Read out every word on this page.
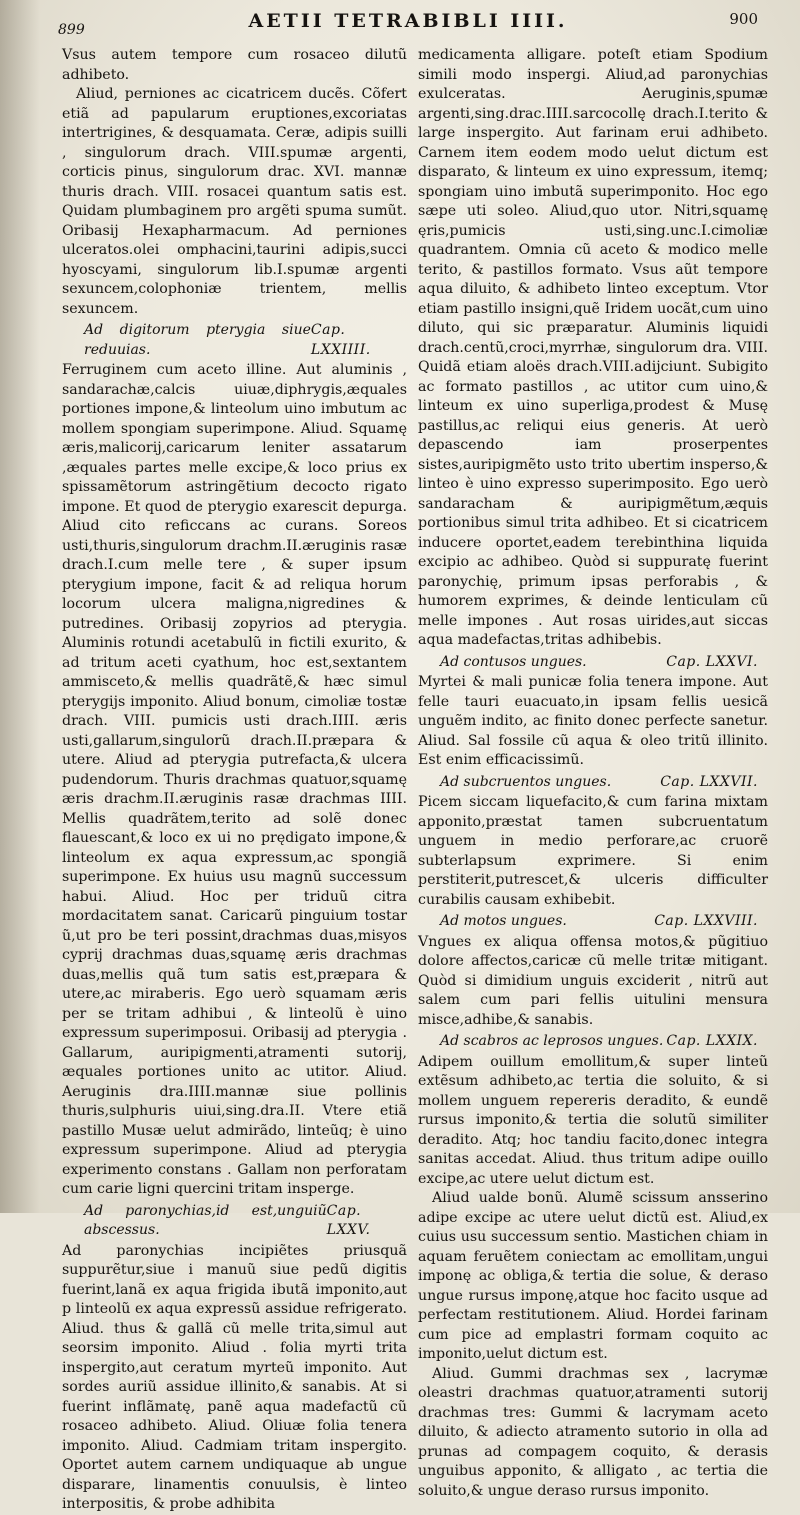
899	AETII TETRABIBLI IIII.	900

Vsus autem tempore cum rosaceo dilutũ adhibeto.

Aliud, perniones ac cicatricem ducẽs. Cõfert etiã ad papularum eruptiones,excoriatas intertrigines, & desquamata. Ceræ, adipis suilli , singulorum drach. VIII.spumæ argenti, corticis pinus, singulorum drac. XVI. mannæ thuris drach. VIII. rosacei quantum satis est. Quidam plumbaginem pro argẽti spuma sumũt. Oribasij Hexapharmacum. Ad perniones ulceratos.olei omphacini,taurini adipis,succi hyoscyami, singulorum lib.I.spumæ argenti sexuncem,colophoniæ trientem, mellis sexuncem.

Ad digitorum pterygia siue reduuias.
Cap. LXXIIII.

Ferruginem cum aceto illine. Aut aluminis , sandarachæ,calcis uiuæ,diphrygis,æquales portiones impone,& linteolum uino imbutum ac mollem spongiam superimpone. Aliud. Squamę æris,malicorij,caricarum leniter assatarum ,æquales partes melle excipe,& loco prius ex spissamẽtorum astringẽtium decocto rigato impone. Et quod de pterygio exarescit depurga. Aliud cito reficcans ac curans. Soreos usti,thuris,singulorum drachm.II.æruginis rasæ drach.I.cum melle tere , & super ipsum pterygium impone, facit & ad reliqua horum locorum ulcera maligna,nigredines & putredines. Oribasij zopyrios ad pterygia. Aluminis rotundi acetabulũ in fictili exurito, & ad tritum aceti cyathum, hoc est,sextantem ammisceto,& mellis quadrãtẽ,& hæc simul pterygijs imponito. Aliud bonum, cimoliæ tostæ drach. VIII. pumicis usti drach.IIII. æris usti,gallarum,singulorũ drach.II.præpara & utere. Aliud ad pterygia putrefacta,& ulcera pudendorum. Thuris drachmas quatuor,squamę æris drachm.II.æruginis rasæ drachmas IIII. Mellis quadrãtem,terito ad solẽ donec flauescant,& loco ex ui no prędigato impone,& linteolum ex aqua expressum,ac spongiã superimpone. Ex huius usu magnũ successum habui. Aliud. Hoc per triduũ citra mordacitatem sanat. Caricarũ pinguium tostar ũ,ut pro be teri possint,drachmas duas,misyos cyprij drachmas duas,squamę æris drachmas duas,mellis quã tum satis est,præpara & utere,ac miraberis. Ego uerò squamam æris per se tritam adhibui , & linteolũ è uino expressum superimposui. Oribasij ad pterygia . Gallarum, auripigmenti,atramenti sutorij, æquales portiones unito ac utitor. Aliud. Aeruginis dra.IIII.mannæ siue pollinis thuris,sulphuris uiui,sing.dra.II. Vtere etiã pastillo Musæ uelut admirãdo, linteũq; è uino expressum superimpone. Aliud ad pterygia experimento constans . Gallam non perforatam cum carie ligni quercini tritam insperge.

Ad paronychias,id est,unguiũ abscessus.
Cap. LXXV.

Ad paronychias incipiẽtes priusquã suppurẽtur,siue i manuũ siue pedũ digitis fuerint,lanã ex aqua frigida ibutã imponito,aut p linteolũ ex aqua expressũ assidue refrigerato. Aliud. thus & gallã cũ melle trita,simul aut seorsim imponito. Aliud . folia myrti trita inspergito,aut ceratum myrteũ imponito. Aut sordes auriũ assidue illinito,& sanabis. At si fuerint inflãmatę, panẽ aqua madefactũ cũ rosaceo adhibeto. Aliud. Oliuæ folia tenera imponito. Aliud. Cadmiam tritam inspergito. Oportet autem carnem undiquaque ab ungue disparare, linamentis conuulsis, è linteo interpositis, & probe adhibita

medicamenta alligare. poteſt etiam Spodium simili modo inspergi. Aliud,ad paronychias exulceratas. Aeruginis,spumæ argenti,sing.drac.IIII.sarcocollę drach.I.terito & large inspergito. Aut farinam erui adhibeto. Carnem item eodem modo uelut dictum est disparato, & linteum ex uino expressum, itemq; spongiam uino imbutã superimponito. Hoc ego sæpe uti soleo. Aliud,quo utor. Nitri,squamę ęris,pumicis usti,sing.unc.I.cimoliæ quadrantem. Omnia cũ aceto & modico melle terito, & pastillos formato. Vsus aũt tempore aqua diluito, & adhibeto linteo exceptum. Vtor etiam pastillo insigni,quẽ Iridem uocãt,cum uino diluto, qui sic præparatur. Aluminis liquidi drach.centũ,croci,myrrhæ, singulorum dra. VIII. Quidã etiam aloës drach.VIII.adijciunt. Subigito ac formato pastillos , ac utitor cum uino,& linteum ex uino superliga,prodest & Musę pastillus,ac reliqui eius generis. At uerò depascendo iam proserpentes sistes,auripigmẽto usto trito ubertim insperso,& linteo è uino expresso superimposito. Ego uerò sandaracham & auripigmẽtum,æquis portionibus simul trita adhibeo. Et si cicatricem inducere oportet,eadem terebinthina liquida excipio ac adhibeo. Quòd si suppuratę fuerint paronychię, primum ipsas perforabis , & humorem exprimes, & deinde lenticulam cũ melle impones . Aut rosas uirides,aut siccas aqua madefactas,tritas adhibebis.

Ad contusos ungues.	Cap. LXXVI.

Myrtei & mali punicæ folia tenera impone. Aut felle tauri euacuato,in ipsam fellis uesicã unguẽm indito, ac finito donec perfecte sanetur. Aliud. Sal fossile cũ aqua & oleo tritũ illinito. Est enim efficacissimũ.

Ad subcruentos ungues.	Cap. LXXVII.

Picem siccam liquefacito,& cum farina mixtam apponito,præstat tamen subcruentatum unguem in medio perforare,ac cruorẽ subterlapsum exprimere. Si enim perstiterit,putrescet,& ulceris difficulter curabilis causam exhibebit.

Ad motos ungues.	Cap. LXXVIII.

Vngues ex aliqua offensa motos,& pũgitiuo dolore affectos,caricæ cũ melle tritæ mitigant. Quòd si dimidium unguis exciderit , nitrũ aut salem cum pari fellis uitulini mensura misce,adhibe,& sanabis.

Ad scabros ac leprosos ungues. Cap. LXXIX.

Adipem ouillum emollitum,& super linteũ extẽsum adhibeto,ac tertia die soluito, & si mollem unguem repereris deradito, & eundẽ rursus imponito,& tertia die solutũ similiter deradito. Atq; hoc tandiu facito,donec integra sanitas accedat. Aliud. thus tritum adipe ouillo excipe,ac utere uelut dictum est.

Aliud ualde bonũ. Alumẽ scissum ansserino adipe excipe ac utere uelut dictũ est. Aliud,ex cuius usu successum sentio. Mastichen chiam in aquam feruẽtem coniectam ac emollitam,ungui imponę ac obliga,& tertia die solue, & deraso ungue rursus imponę,atque hoc facito usque ad perfectam restitutionem. Aliud. Hordei farinam cum pice ad emplastri formam coquito ac imponito,uelut dictum est.

Aliud. Gummi drachmas sex , lacrymæ oleastri drachmas quatuor,atramenti sutorij drachmas tres: Gummi & lacrymam aceto diluito, & adiecto atramento sutorio in olla ad prunas ad compagem coquito, & derasis unguibus apponito, & alligato , ac tertia die soluito,& ungue deraso rursus imponito.
